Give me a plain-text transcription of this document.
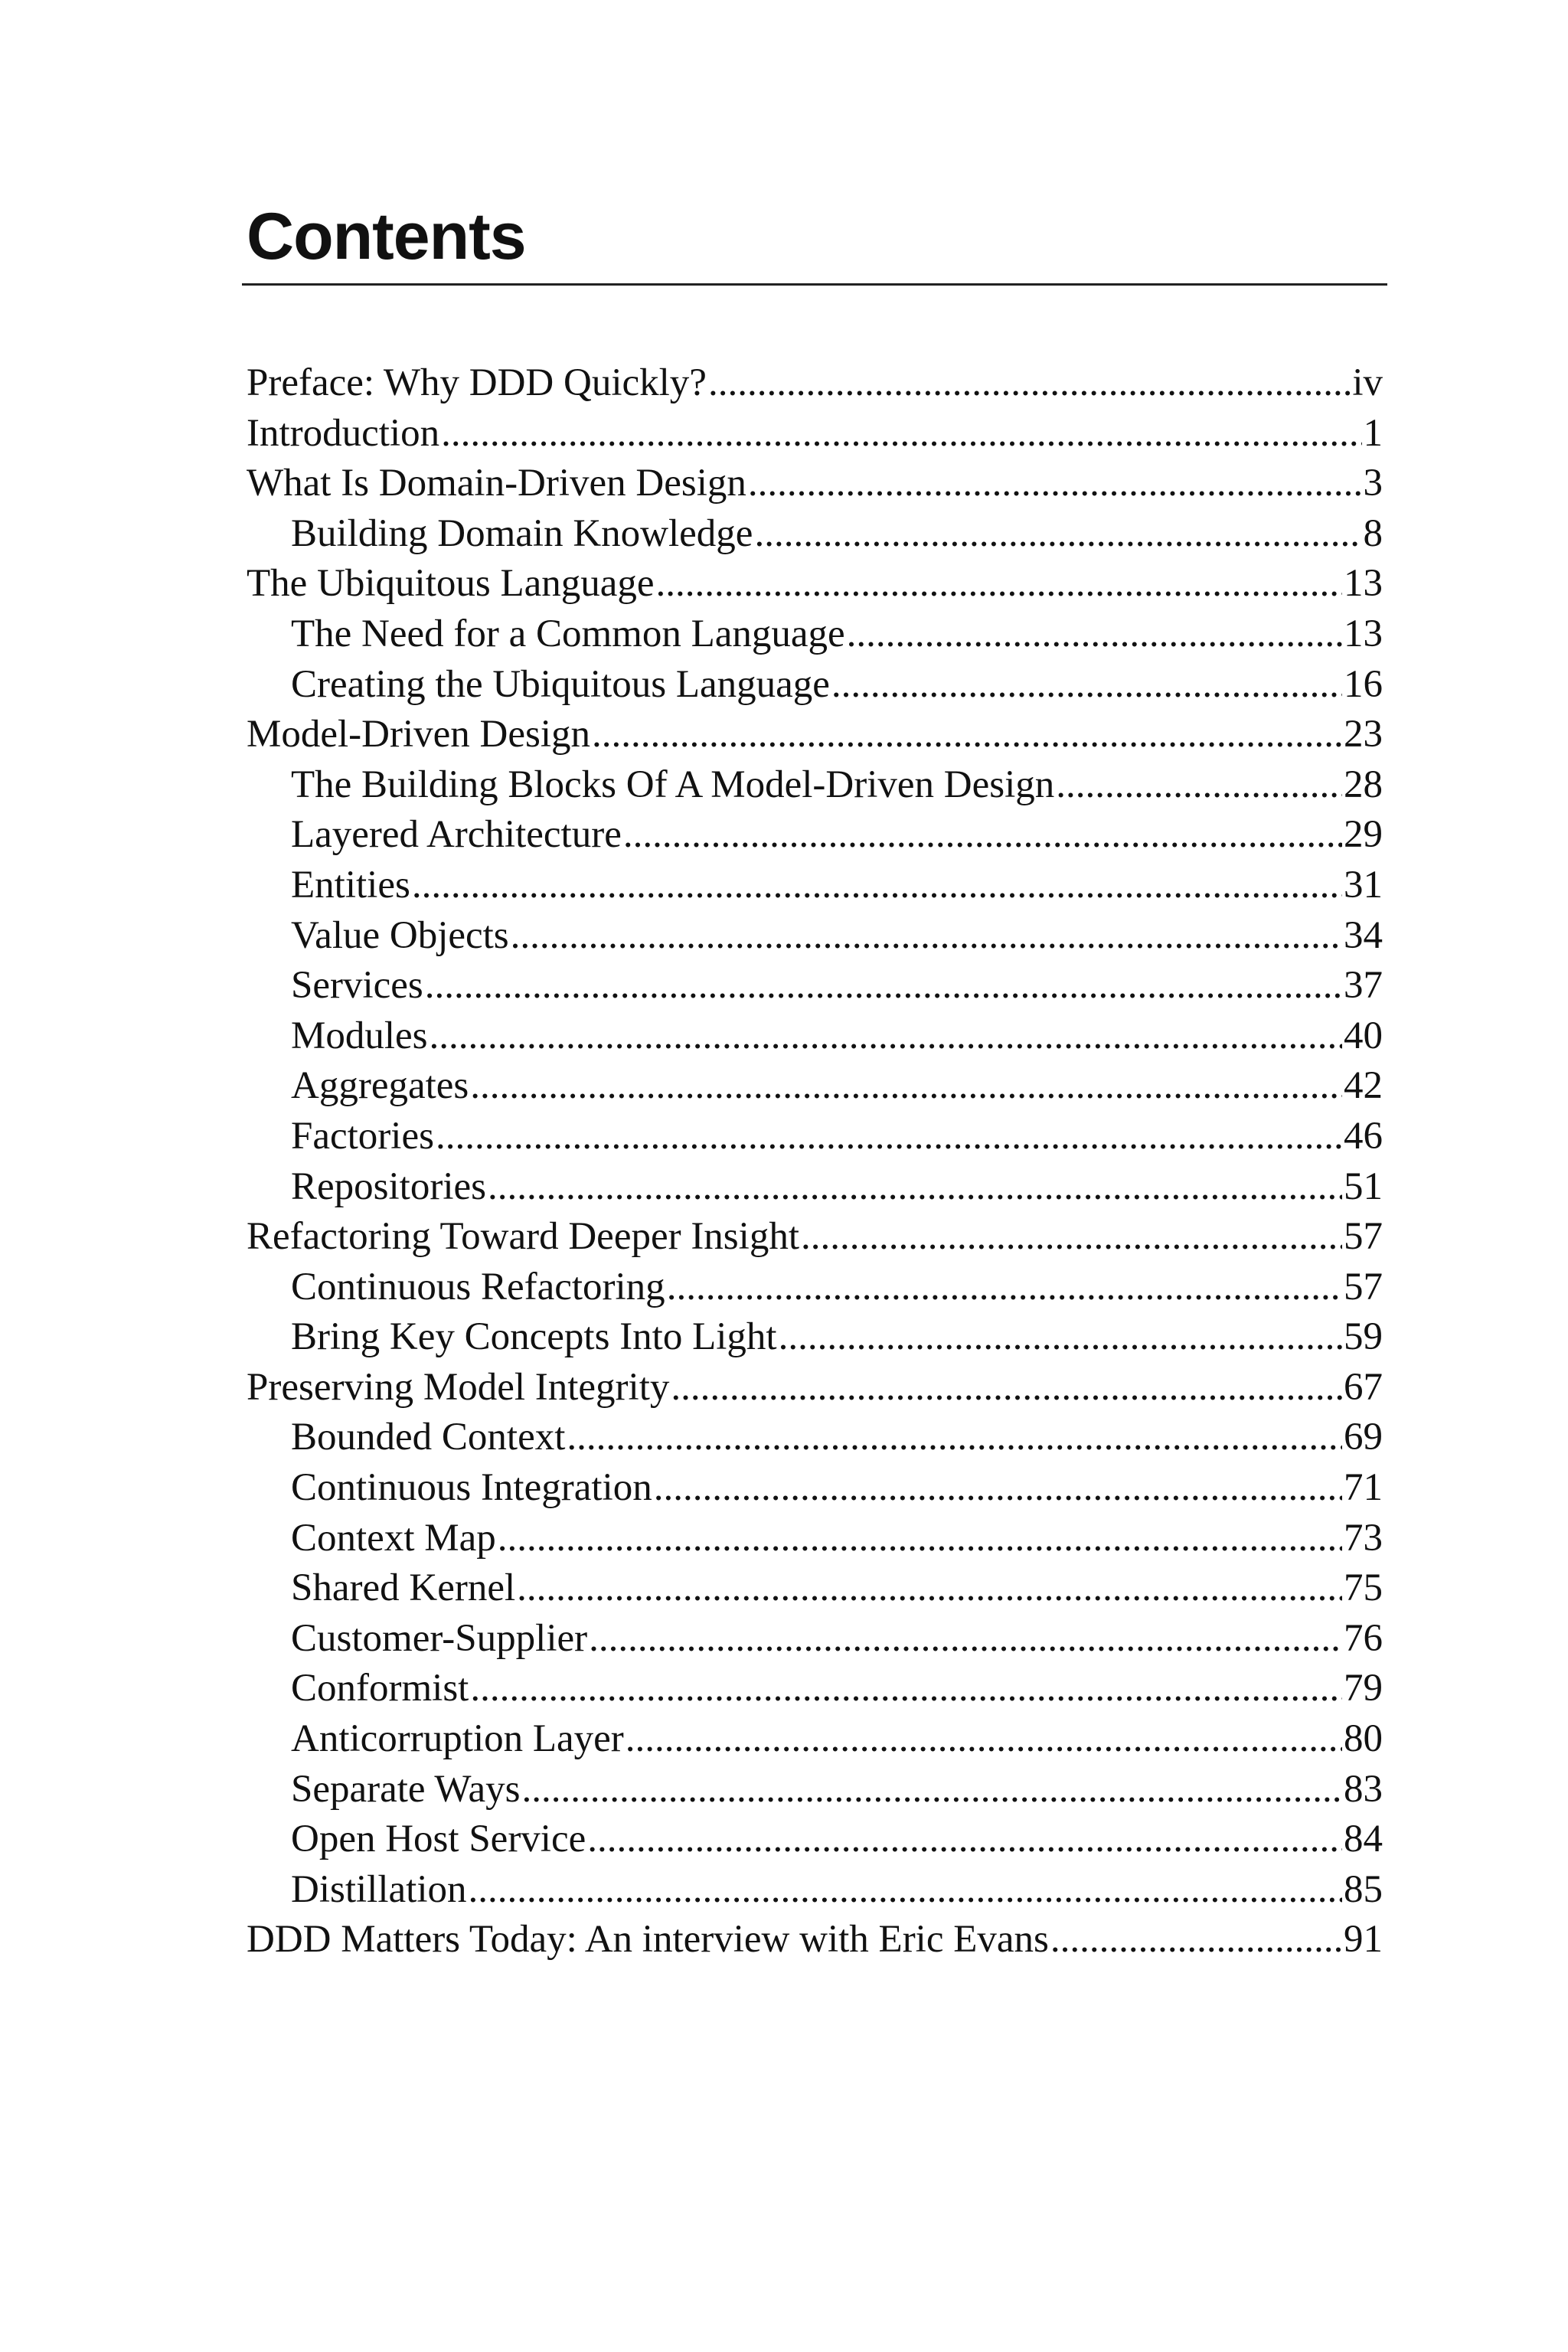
Contents
Preface: Why DDD Quickly? .....	iv
Introduction .....	1
What Is Domain-Driven Design .....	3
Building Domain Knowledge .....	8
The Ubiquitous Language .....	13
The Need for a Common Language .....	13
Creating the Ubiquitous Language .....	16
Model-Driven Design .....	23
The Building Blocks Of A Model-Driven Design .....	28
Layered Architecture .....	29
Entities .....	31
Value Objects .....	34
Services .....	37
Modules .....	40
Aggregates .....	42
Factories .....	46
Repositories .....	51
Refactoring Toward Deeper Insight .....	57
Continuous Refactoring .....	57
Bring Key Concepts Into Light .....	59
Preserving Model Integrity .....	67
Bounded Context .....	69
Continuous Integration .....	71
Context Map .....	73
Shared Kernel .....	75
Customer-Supplier .....	76
Conformist .....	79
Anticorruption Layer .....	80
Separate Ways .....	83
Open Host Service .....	84
Distillation .....	85
DDD Matters Today: An interview with Eric Evans .....	91
